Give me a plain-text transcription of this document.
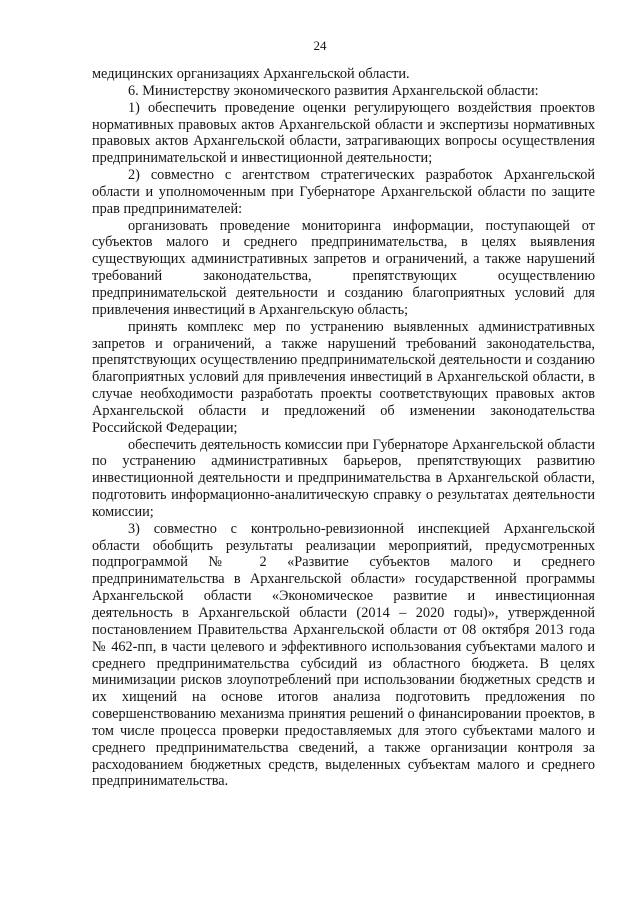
24

медицинских организациях Архангельской области.

6. Министерству экономического развития Архангельской области:

1) обеспечить проведение оценки регулирующего воздействия проектов нормативных правовых актов Архангельской области и экспертизы нормативных правовых актов Архангельской области, затрагивающих вопросы осуществления предпринимательской и инвестиционной деятельности;

2) совместно с агентством стратегических разработок Архангельской области и уполномоченным при Губернаторе Архангельской области по защите прав предпринимателей:

организовать проведение мониторинга информации, поступающей от субъектов малого и среднего предпринимательства, в целях выявления существующих административных запретов и ограничений, а также нарушений требований законодательства, препятствующих осуществлению предпринимательской деятельности и созданию благоприятных условий для привлечения инвестиций в Архангельскую область;

принять комплекс мер по устранению выявленных административных запретов и ограничений, а также нарушений требований законодательства, препятствующих осуществлению предпринимательской деятельности и созданию благоприятных условий для привлечения инвестиций в Архангельской области, в случае необходимости разработать проекты соответствующих правовых актов Архангельской области и предложений об изменении законодательства Российской Федерации;

обеспечить деятельность комиссии при Губернаторе Архангельской области по устранению административных барьеров, препятствующих развитию инвестиционной деятельности и предпринимательства в Архангельской области, подготовить информационно-аналитическую справку о результатах деятельности комиссии;

3) совместно с контрольно-ревизионной инспекцией Архангельской области обобщить результаты реализации мероприятий, предусмотренных подпрограммой № 2 «Развитие субъектов малого и среднего предпринимательства в Архангельской области» государственной программы Архангельской области «Экономическое развитие и инвестиционная деятельность в Архангельской области (2014 – 2020 годы)», утвержденной постановлением Правительства Архангельской области от 08 октября 2013 года № 462-пп, в части целевого и эффективного использования субъектами малого и среднего предпринимательства субсидий из областного бюджета. В целях минимизации рисков злоупотреблений при использовании бюджетных средств и их хищений на основе итогов анализа подготовить предложения по совершенствованию механизма принятия решений о финансировании проектов, в том числе процесса проверки предоставляемых для этого субъектами малого и среднего предпринимательства сведений, а также организации контроля за расходованием бюджетных средств, выделенных субъектам малого и среднего предпринимательства.
